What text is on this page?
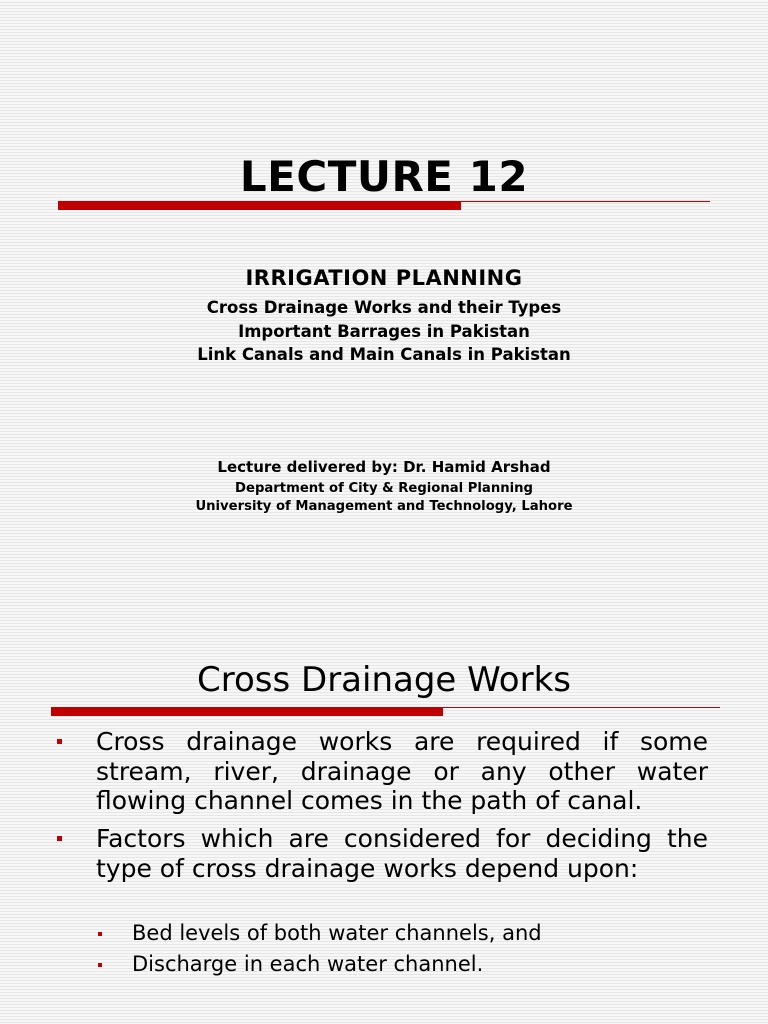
LECTURE 12
IRRIGATION PLANNING
Cross Drainage Works and their Types
Important Barrages in Pakistan
Link Canals and Main Canals in Pakistan
Lecture delivered by: Dr. Hamid Arshad
Department of City & Regional Planning
University of Management and Technology, Lahore
Cross Drainage Works
Cross drainage works are required if some stream, river, drainage or any other water flowing channel comes in the path of canal.
Factors which are considered for deciding the type of cross drainage works depend upon:
Bed levels of both water channels, and
Discharge in each water channel.
